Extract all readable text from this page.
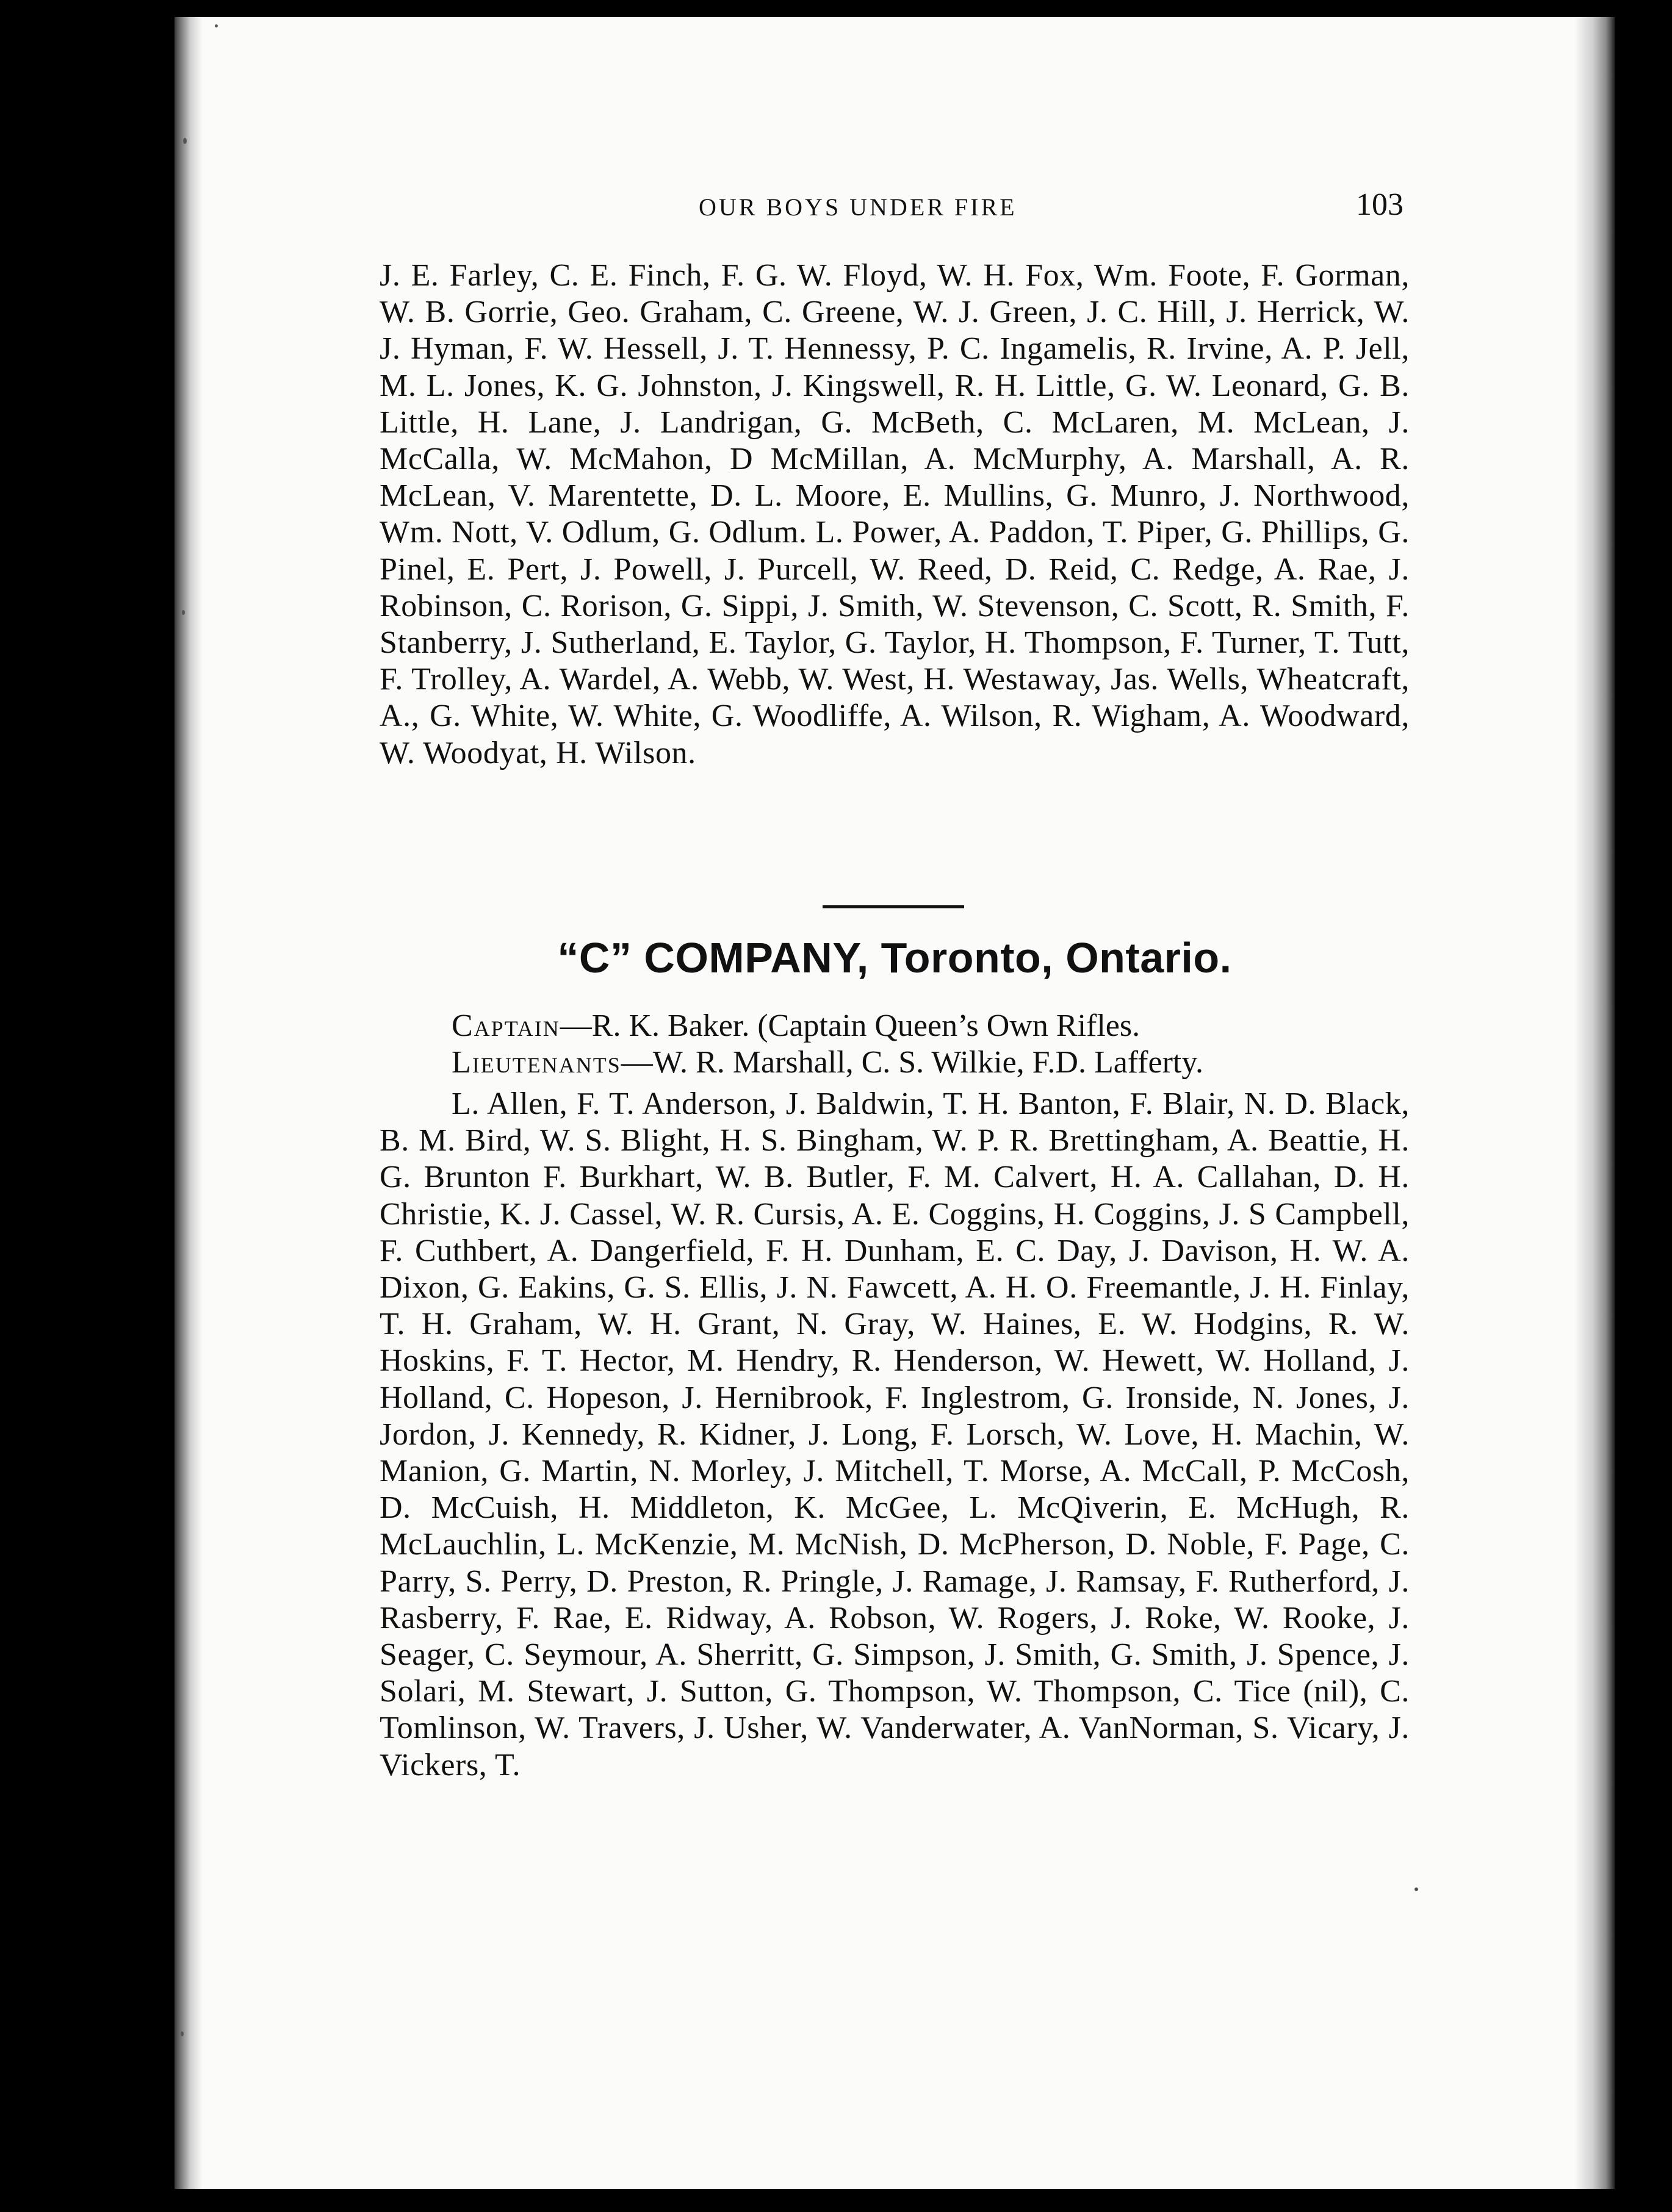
OUR BOYS UNDER FIRE	103
J. E. Farley, C. E. Finch, F. G. W. Floyd, W. H. Fox, Wm. Foote, F. Gorman, W. B. Gorrie, Geo. Graham, C. Greene, W. J. Green, J. C. Hill, J. Herrick, W. J. Hyman, F. W. Hessell, J. T. Hennessy, P. C. Ingamelis, R. Irvine, A. P. Jell, M. L. Jones, K. G. Johnston, J. Kingswell, R. H. Little, G. W. Leonard, G. B. Little, H. Lane, J. Landrigan, G. McBeth, C. McLaren, M. McLean, J. McCalla, W. McMahon, D McMillan, A. McMurphy, A. Marshall, A. R. McLean, V. Marentette, D. L. Moore, E. Mullins, G. Munro, J. Northwood, Wm. Nott, V. Odlum, G. Odlum. L. Power, A. Paddon, T. Piper, G. Phillips, G. Pinel, E. Pert, J. Powell, J. Purcell, W. Reed, D. Reid, C. Redge, A. Rae, J. Robinson, C. Rorison, G. Sippi, J. Smith, W. Stevenson, C. Scott, R. Smith, F. Stanberry, J. Sutherland, E. Taylor, G. Taylor, H. Thompson, F. Turner, T. Tutt, F. Trolley, A. Wardel, A. Webb, W. West, H. Westaway, Jas. Wells, Wheatcraft, A., G. White, W. White, G. Woodliffe, A. Wilson, R. Wigham, A. Woodward, W. Woodyat, H. Wilson.
“C” COMPANY, Toronto, Ontario.
Captain—R. K. Baker. (Captain Queen’s Own Rifles.
Lieutenants—W. R. Marshall, C. S. Wilkie, F.D. Lafferty.
L. Allen, F. T. Anderson, J. Baldwin, T. H. Banton, F. Blair, N. D. Black, B. M. Bird, W. S. Blight, H. S. Bingham, W. P. R. Brettingham, A. Beattie, H. G. Brunton F. Burkhart, W. B. Butler, F. M. Calvert, H. A. Callahan, D. H. Christie, K. J. Cassel, W. R. Cursis, A. E. Coggins, H. Coggins, J. S Campbell, F. Cuthbert, A. Dangerfield, F. H. Dunham, E. C. Day, J. Davison, H. W. A. Dixon, G. Eakins, G. S. Ellis, J. N. Fawcett, A. H. O. Freemantle, J. H. Finlay, T. H. Graham, W. H. Grant, N. Gray, W. Haines, E. W. Hodgins, R. W. Hoskins, F. T. Hector, M. Hendry, R. Henderson, W. Hewett, W. Holland, J. Holland, C. Hopeson, J. Hernibrook, F. Inglestrom, G. Ironside, N. Jones, J. Jordon, J. Kennedy, R. Kidner, J. Long, F. Lorsch, W. Love, H. Machin, W. Manion, G. Martin, N. Morley, J. Mitchell, T. Morse, A. McCall, P. McCosh, D. McCuish, H. Middleton, K. McGee, L. McQiverin, E. McHugh, R. McLauchlin, L. McKenzie, M. McNish, D. McPherson, D. Noble, F. Page, C. Parry, S. Perry, D. Preston, R. Pringle, J. Ramage, J. Ramsay, F. Rutherford, J. Rasberry, F. Rae, E. Ridway, A. Robson, W. Rogers, J. Roke, W. Rooke, J. Seager, C. Seymour, A. Sherritt, G. Simpson, J. Smith, G. Smith, J. Spence, J. Solari, M. Stewart, J. Sutton, G. Thompson, W. Thompson, C. Tice (nil), C. Tomlinson, W. Travers, J. Usher, W. Vanderwater, A. VanNorman, S. Vicary, J. Vickers, T.
